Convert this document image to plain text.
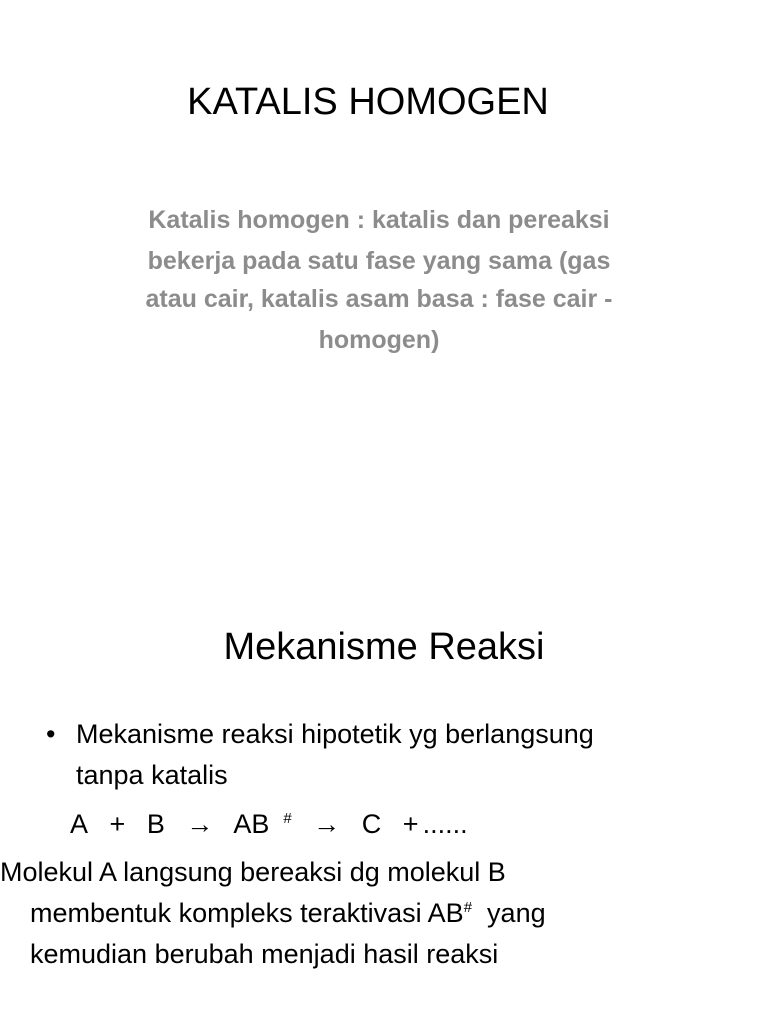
KATALIS HOMOGEN
Katalis homogen : katalis dan pereaksi
bekerja pada satu fase yang sama (gas
atau cair, katalis asam basa : fase cair -
homogen)
Mekanisme Reaksi
• Mekanisme reaksi hipotetik yg berlangsung
tanpa katalis
A + B → AB # → C + ......
Molekul A langsung bereaksi dg molekul B
membentuk kompleks teraktivasi AB# yang
kemudian berubah menjadi hasil reaksi
